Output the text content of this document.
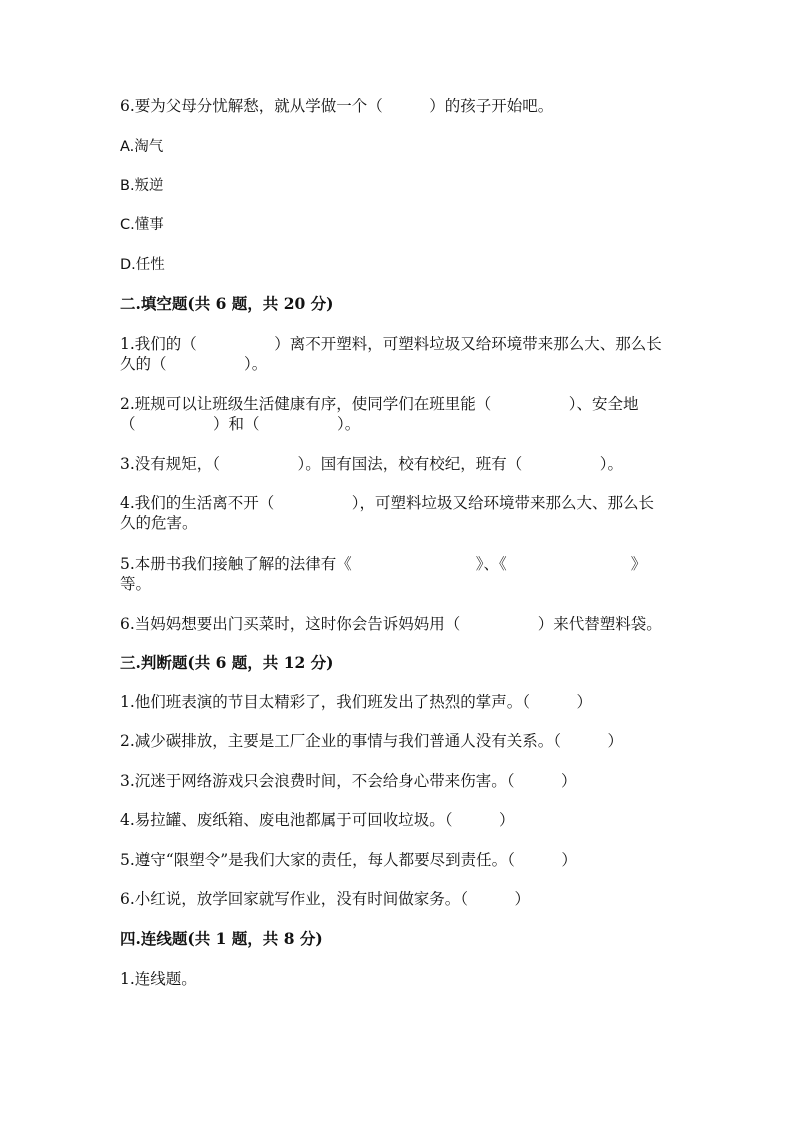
6.要为父母分忧解愁，就从学做一个（　　　）的孩子开始吧。
A.淘气
B.叛逆
C.懂事
D.任性
二.填空题(共 6 题，共 20 分)
1.我们的（　　　　　）离不开塑料，可塑料垃圾又给环境带来那么大、那么长
久的（　　　　　）。
2.班规可以让班级生活健康有序，使同学们在班里能（　　　　　）、安全地
（　　　　　）和（　　　　　）。
3.没有规矩，（　　　　　）。国有国法，校有校纪，班有（　　　　　）。
4.我们的生活离不开（　　　　　），可塑料垃圾又给环境带来那么大、那么长
久的危害。
5.本册书我们接触了解的法律有《　　　　　　　　》、《　　　　　　　　》
等。
6.当妈妈想要出门买菜时，这时你会告诉妈妈用（　　　　　）来代替塑料袋。
三.判断题(共 6 题，共 12 分)
1.他们班表演的节目太精彩了，我们班发出了热烈的掌声。（　　　）
2.减少碳排放，主要是工厂企业的事情与我们普通人没有关系。（　　　）
3.沉迷于网络游戏只会浪费时间，不会给身心带来伤害。（　　　）
4.易拉罐、废纸箱、废电池都属于可回收垃圾。（　　　）
5.遵守“限塑令”是我们大家的责任，每人都要尽到责任。（　　　）
6.小红说，放学回家就写作业，没有时间做家务。（　　　）
四.连线题(共 1 题，共 8 分)
1.连线题。
